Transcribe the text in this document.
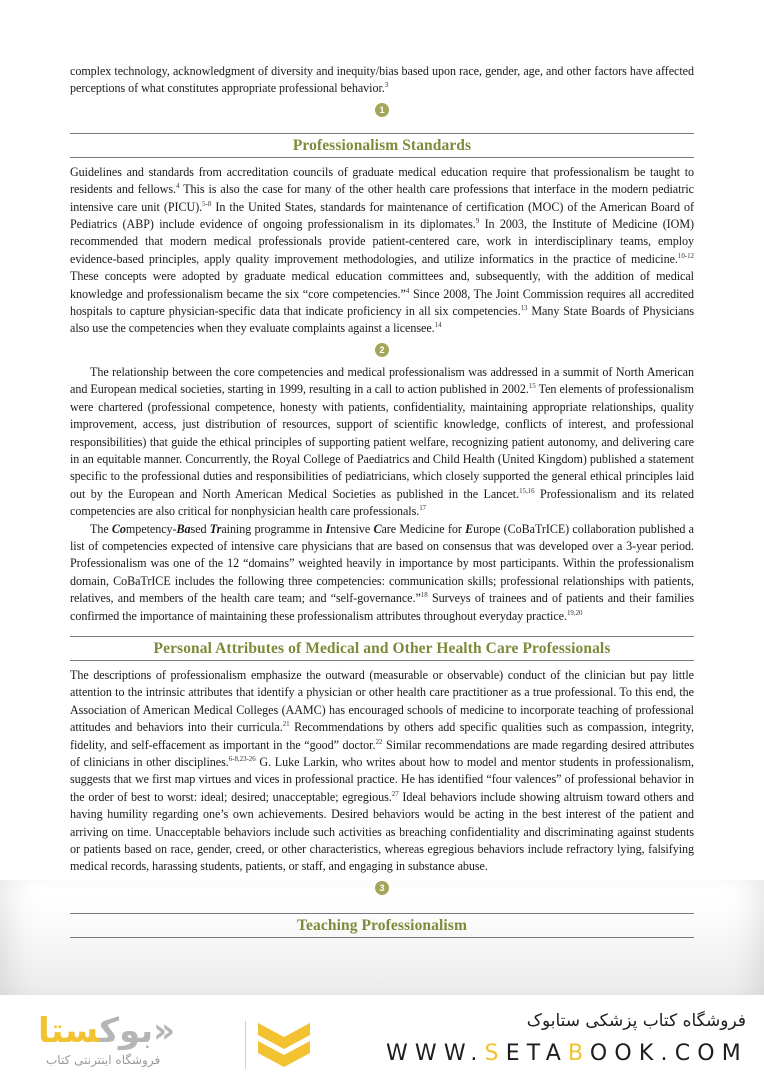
complex technology, acknowledgment of diversity and inequity/bias based upon race, gender, age, and other factors have affected perceptions of what constitutes appropriate professional behavior.$^3$

1
Professionalism Standards

Guidelines and standards from accreditation councils of graduate medical education require that professionalism be taught to residents and fellows.$^4$ This is also the case for many of the other health care professions that interface in the modern pediatric intensive care unit (PICU).$^{5-8}$ In the United States, standards for maintenance of certification (MOC) of the American Board of Pediatrics (ABP) include evidence of ongoing professionalism in its diplomates.$^9$ In 2003, the Institute of Medicine (IOM) recommended that modern medical professionals provide patient-centered care, work in interdisciplinary teams, employ evidence-based principles, apply quality improvement methodologies, and utilize informatics in the practice of medicine.$^{10-12}$ These concepts were adopted by graduate medical education committees and, subsequently, with the addition of medical knowledge and professionalism became the six “core competencies.”$^4$ Since 2008, The Joint Commission requires all accredited hospitals to capture physician-specific data that indicate proficiency in all six competencies.$^{13}$ Many State Boards of Physicians also use the competencies when they evaluate complaints against a licensee.$^{14}$

2

The relationship between the core competencies and medical professionalism was addressed in a summit of North American and European medical societies, starting in 1999, resulting in a call to action published in 2002.15 Ten elements of professionalism were chartered (professional competence, honesty with patients, confidentiality, maintaining appropriate relationships, quality improvement, access, just distribution of resources, support of scientific knowledge, conflicts of interest, and professional responsibilities) that guide the ethical principles of supporting patient welfare, recognizing patient autonomy, and delivering care in an equitable manner. Concurrently, the Royal College of Paediatrics and Child Health (United Kingdom) published a statement specific to the professional duties and responsibilities of pediatricians, which closely supported the general ethical principles laid out by the European and North American Medical Societies as published in the Lancet.$^{15,16}$ Professionalism and its related competencies are also critical for nonphysician health care professionals.$^{17}$

The Competency-Based Training programme in Intensive Care Medicine for Europe (CoBaTrICE) collaboration published a list of competencies expected of intensive care physicians that are based on consensus that was developed over a 3-year period. Professionalism was one of the 12 “domains” weighted heavily in importance by most participants. Within the professionalism domain, CoBaTrICE includes the following three competencies: communication skills; professional relationships with patients, relatives, and members of the health care team; and “self-governance.”$^{18}$ Surveys of trainees and of patients and their families confirmed the importance of maintaining these professionalism attributes throughout everyday practice.$^{19,20}$

Personal Attributes of Medical and Other Health Care Professionals

The descriptions of professionalism emphasize the outward (measurable or observable) conduct of the clinician but pay little attention to the intrinsic attributes that identify a physician or other health care practitioner as a true professional. To this end, the Association of American Medical Colleges (AAMC) has encouraged schools of medicine to incorporate teaching of professional attitudes and behaviors into their curricula.$^{21}$ Recommendations by others add specific qualities such as compassion, integrity, fidelity, and self-effacement as important in the “good” doctor.$^{22}$ Similar recommendations are made regarding desired attributes of clinicians in other disciplines.$^{6-8,23-26}$ G. Luke Larkin, who writes about how to model and mentor students in professionalism, suggests that we first map virtues and vices in professional practice. He has identified “four valences” of professional behavior in the order of best to worst: ideal; desired; unacceptable; egregious.$^{27}$ Ideal behaviors include showing altruism toward others and having humility regarding one’s own achievements. Desired behaviors would be acting in the best interest of the patient and arriving on time. Unacceptable behaviors include such activities as breaching confidentiality and discriminating against students or patients based on race, gender, creed, or other characteristics, whereas egregious behaviors include refractory lying, falsifying medical records, harassing students, patients, or staff, and engaging in substance abuse.

3
Teaching Professionalism
«بوکستا
فروشگاه اینترنتی کتاب
فروشگاه کتاب پزشکی ستابوک
WWW.SETABOOK.COM
